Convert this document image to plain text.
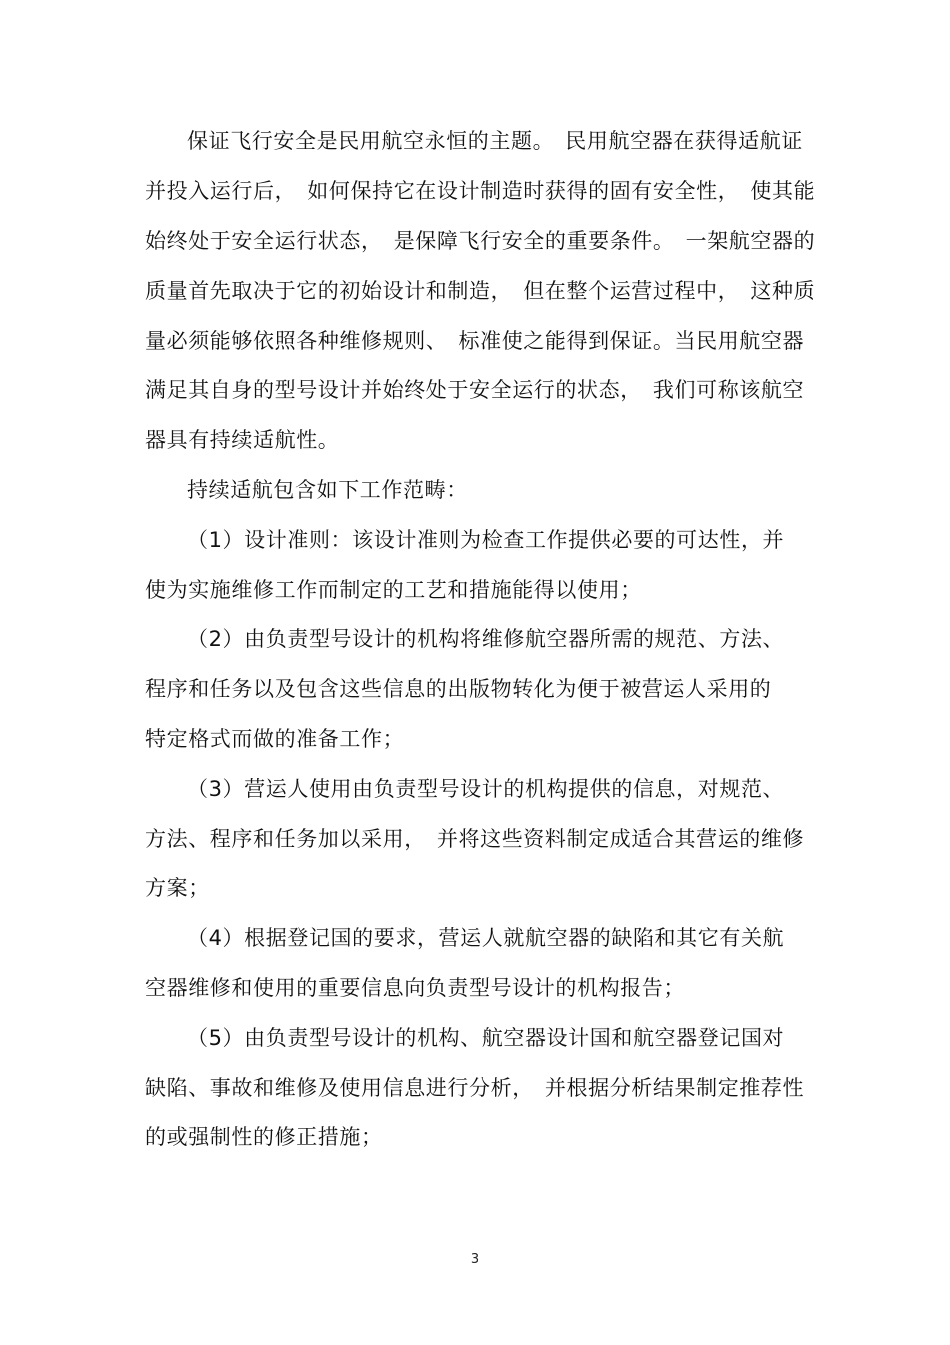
保证飞行安全是民用航空永恒的主题。　民用航空器在获得适航证

并投入运行后，　如何保持它在设计制造时获得的固有安全性，　使其能

始终处于安全运行状态，　是保障飞行安全的重要条件。　一架航空器的

质量首先取决于它的初始设计和制造，　但在整个运营过程中，　这种质

量必须能够依照各种维修规则、　标准使之能得到保证。当民用航空器

满足其自身的型号设计并始终处于安全运行的状态，　我们可称该航空

器具有持续适航性。

持续适航包含如下工作范畴：

（1）设计准则：该设计准则为检查工作提供必要的可达性，并

使为实施维修工作而制定的工艺和措施能得以使用；

（2）由负责型号设计的机构将维修航空器所需的规范、方法、

程序和任务以及包含这些信息的出版物转化为便于被营运人采用的

特定格式而做的准备工作；

（3）营运人使用由负责型号设计的机构提供的信息，对规范、

方法、程序和任务加以采用，　并将这些资料制定成适合其营运的维修

方案；

（4）根据登记国的要求，营运人就航空器的缺陷和其它有关航

空器维修和使用的重要信息向负责型号设计的机构报告；

（5）由负责型号设计的机构、航空器设计国和航空器登记国对

缺陷、事故和维修及使用信息进行分析，　并根据分析结果制定推荐性

的或强制性的修正措施；

3
